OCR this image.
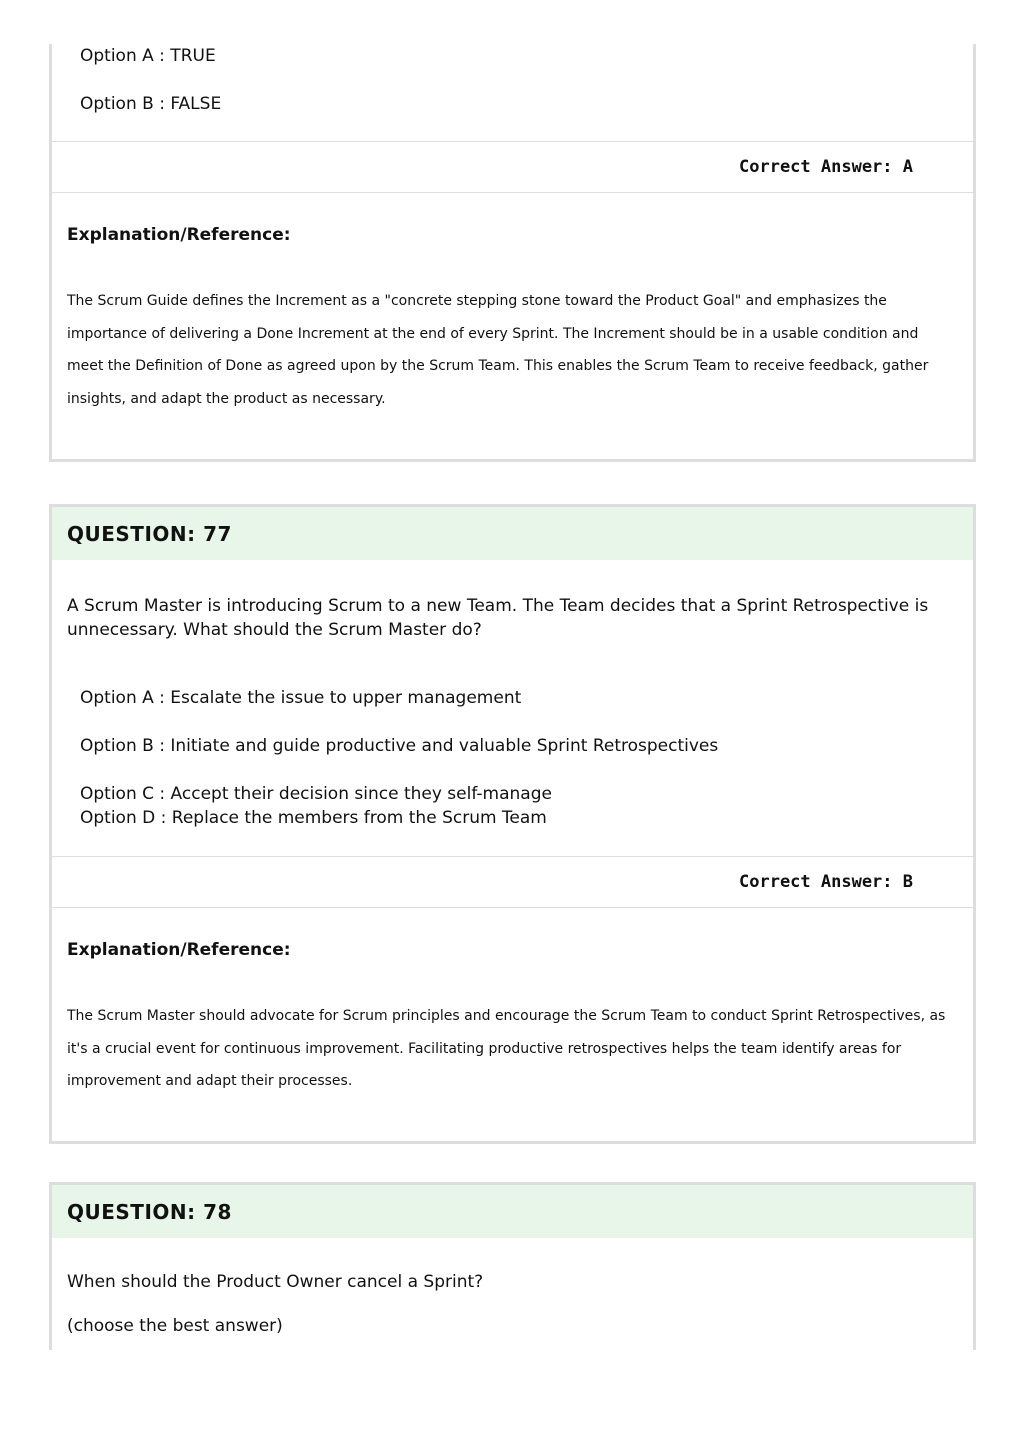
Option A : TRUE
Option B : FALSE
Correct Answer: A
Explanation/Reference:
The Scrum Guide defines the Increment as a "concrete stepping stone toward the Product Goal" and emphasizes the importance of delivering a Done Increment at the end of every Sprint. The Increment should be in a usable condition and meet the Definition of Done as agreed upon by the Scrum Team. This enables the Scrum Team to receive feedback, gather insights, and adapt the product as necessary.
QUESTION: 77
A Scrum Master is introducing Scrum to a new Team. The Team decides that a Sprint Retrospective is unnecessary. What should the Scrum Master do?
Option A : Escalate the issue to upper management
Option B : Initiate and guide productive and valuable Sprint Retrospectives
Option C : Accept their decision since they self-manage
Option D : Replace the members from the Scrum Team
Correct Answer: B
Explanation/Reference:
The Scrum Master should advocate for Scrum principles and encourage the Scrum Team to conduct Sprint Retrospectives, as it's a crucial event for continuous improvement. Facilitating productive retrospectives helps the team identify areas for improvement and adapt their processes.
QUESTION: 78
When should the Product Owner cancel a Sprint?
(choose the best answer)
